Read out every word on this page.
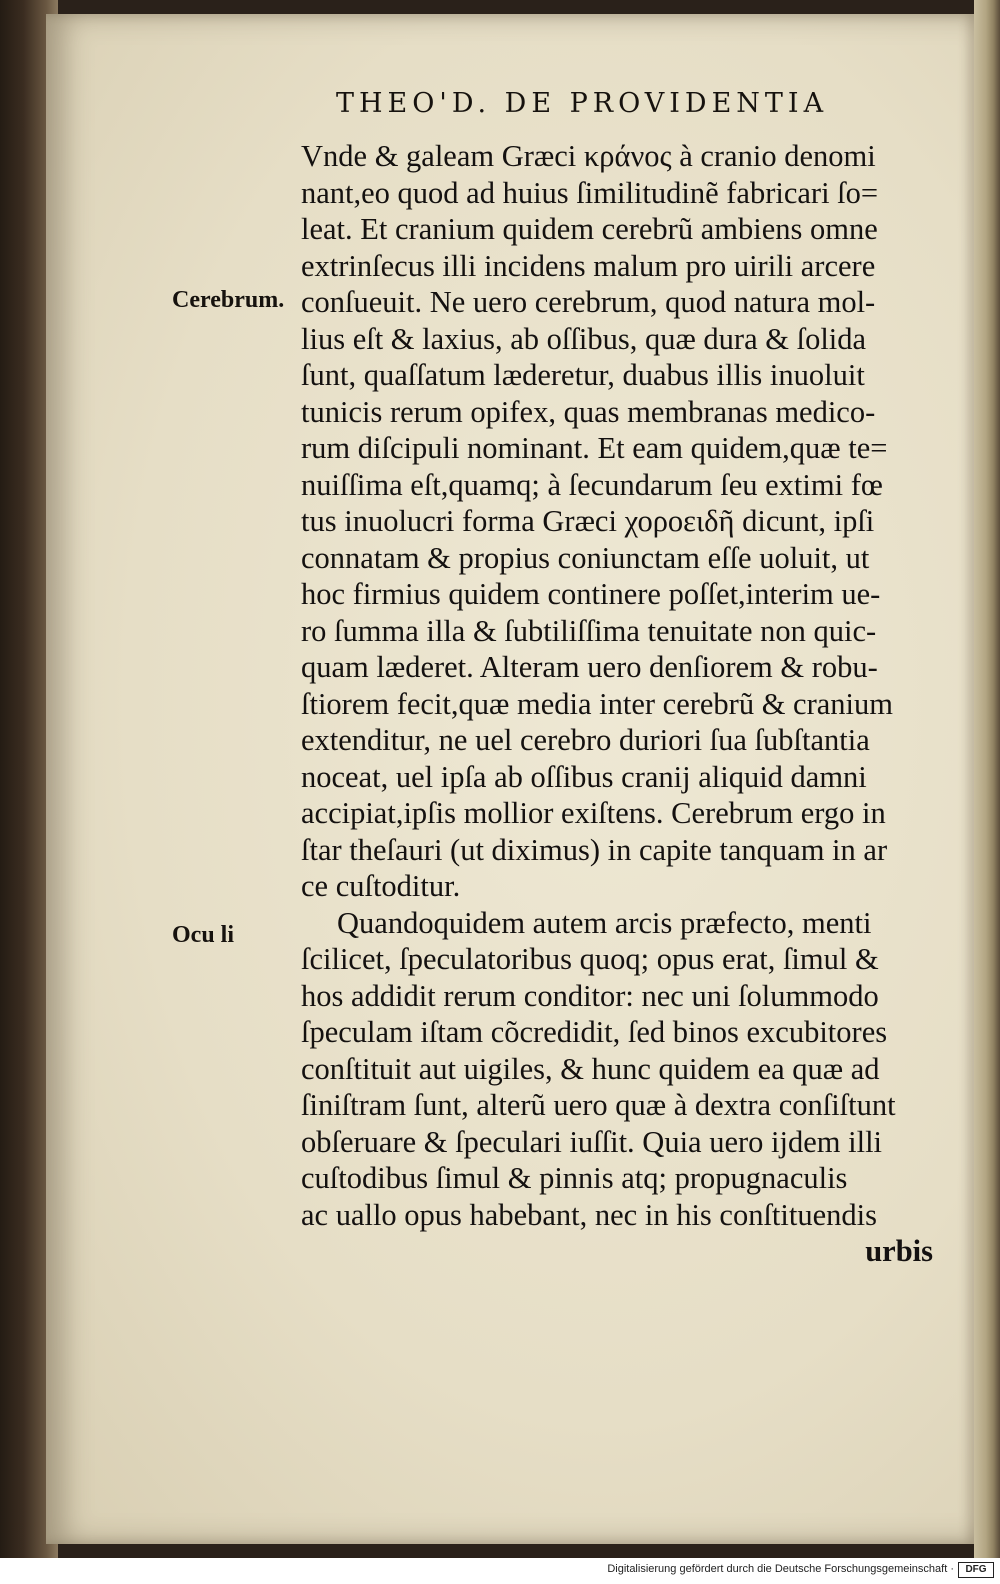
THEO'D. DE PROVIDENTIA
Cerebrum.
Ocu li
Vnde & galeam Græci κράνος à cranio denomi
nant,eo quod ad huius ſimilitudinẽ fabricari ſo=
leat. Et cranium quidem cerebrũ ambiens omne
extrinſecus illi incidens malum pro uirili arcere
conſueuit. Ne uero cerebrum, quod natura mol-
lius eſt & laxius, ab oſſibus, quæ dura & ſolida
ſunt, quaſſatum læderetur, duabus illis inuoluit
tunicis rerum opifex, quas membranas medico-
rum diſcipuli nominant. Et eam quidem,quæ te=
nuiſſima eſt,quamq; à ſecundarum ſeu extimi fœ
tus inuolucri forma Græci χοροειδῆ dicunt, ipſi
connatam & propius coniunctam eſſe uoluit, ut
hoc firmius quidem continere poſſet,interim ue-
ro ſumma illa & ſubtiliſſima tenuitate non quic-
quam læderet. Alteram uero denſiorem & robu-
ſtiorem fecit,quæ media inter cerebrũ & cranium
extenditur, ne uel cerebro duriori ſua ſubſtantia
noceat, uel ipſa ab oſſibus cranij aliquid damni
accipiat,ipſis mollior exiſtens. Cerebrum ergo in
ſtar theſauri (ut diximus) in capite tanquam in ar
ce cuſtoditur.
Quandoquidem autem arcis præfecto, menti
ſcilicet, ſpeculatoribus quoq; opus erat, ſimul &
hos addidit rerum conditor: nec uni ſolummodo
ſpeculam iſtam cõcredidit, ſed binos excubitores
conſtituit aut uigiles, & hunc quidem ea quæ ad
ſiniſtram ſunt, alterũ uero quæ à dextra conſiſtunt
obſeruare & ſpeculari iuſſit. Quia uero ijdem illi
cuſtodibus ſimul & pinnis atq; propugnaculis
ac uallo opus habebant, nec in his conſtituendis
urbis
Digitalisierung gefördert durch die Deutsche Forschungsgemeinschaft ·	DFG
